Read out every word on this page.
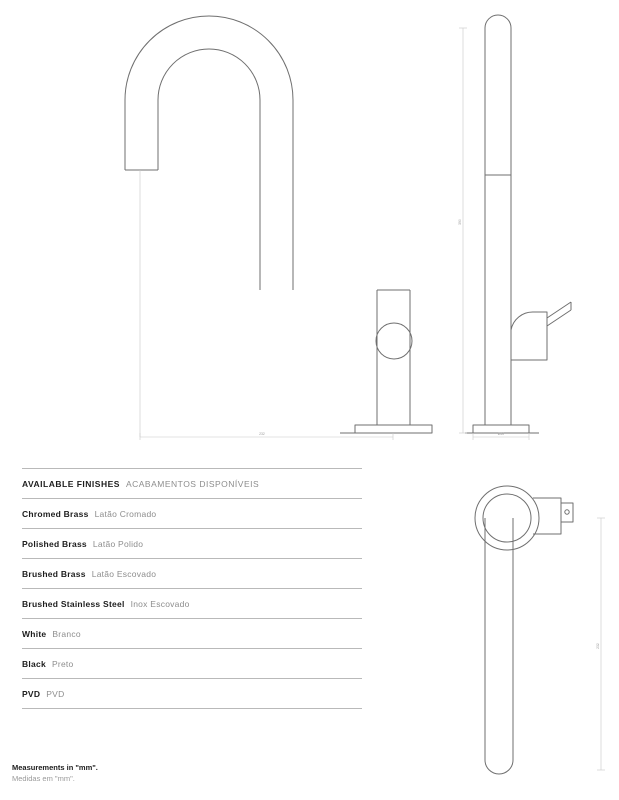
232
390
Ø50
232
AVAILABLE FINISHES ACABAMENTOS DISPONÍVEIS
Chromed Brass Latão Cromado
Polished Brass Latão Polido
Brushed Brass Latão Escovado
Brushed Stainless Steel Inox Escovado
White Branco
Black Preto
PVD PVD
Measurements in "mm".
Medidas em "mm".
